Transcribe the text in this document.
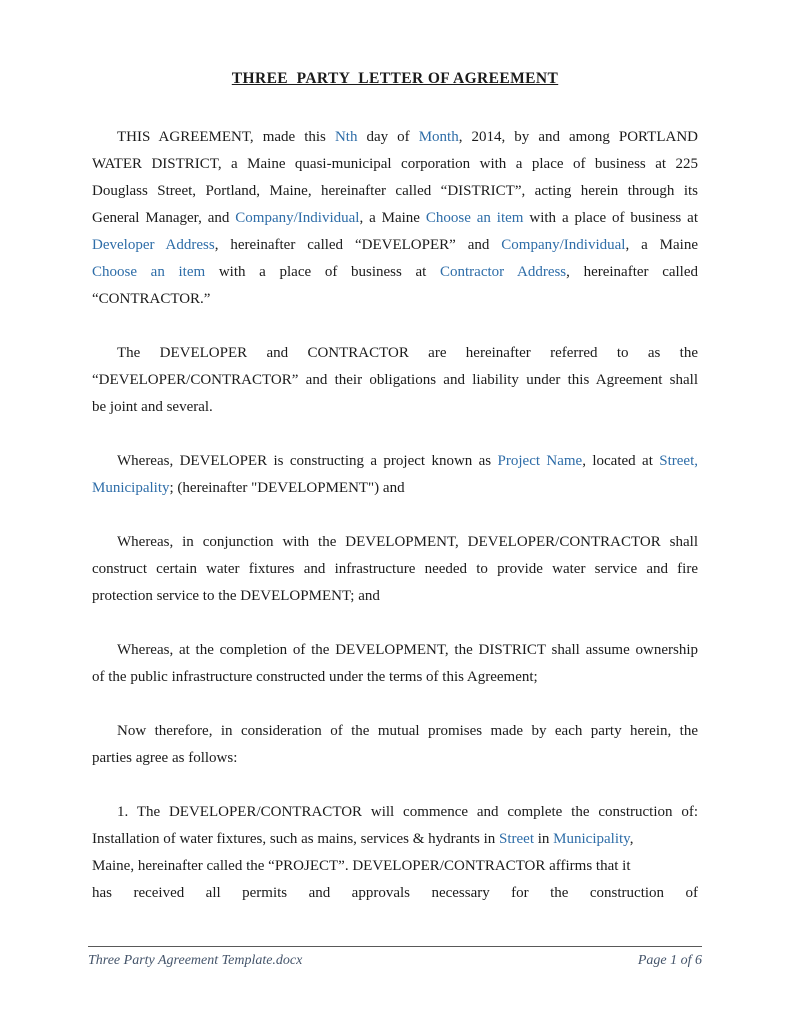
THREE  PARTY  LETTER OF AGREEMENT
THIS AGREEMENT, made this Nth day of Month, 2014, by and among PORTLAND
WATER DISTRICT, a Maine quasi-municipal corporation with a place of business at 225
Douglass Street, Portland, Maine, hereinafter called “DISTRICT”, acting herein through its
General Manager, and Company/Individual, a Maine Choose an item with a place of business at
Developer Address, hereinafter called “DEVELOPER” and Company/Individual, a Maine
Choose an item with a place of business at Contractor Address, hereinafter called
“CONTRACTOR.”
The DEVELOPER and CONTRACTOR are hereinafter referred to as the
“DEVELOPER/CONTRACTOR” and their obligations and liability under this Agreement shall
be joint and several.
Whereas, DEVELOPER is constructing a project known as Project Name, located at Street,
Municipality; (hereinafter "DEVELOPMENT") and
Whereas, in conjunction with the DEVELOPMENT, DEVELOPER/CONTRACTOR shall
construct certain water fixtures and infrastructure needed to provide water service and fire
protection service to the DEVELOPMENT; and
Whereas, at the completion of the DEVELOPMENT, the DISTRICT shall assume ownership
of the public infrastructure constructed under the terms of this Agreement;
Now therefore, in consideration of the mutual promises made by each party herein, the
parties agree as follows:
1. The DEVELOPER/CONTRACTOR will commence and complete the construction of:
Installation of water fixtures, such as mains, services & hydrants in Street in Municipality,
Maine, hereinafter called the “PROJECT”. DEVELOPER/CONTRACTOR affirms that it
has received all permits and approvals necessary for the construction of
Three Party Agreement Template.docx	Page 1 of 6
